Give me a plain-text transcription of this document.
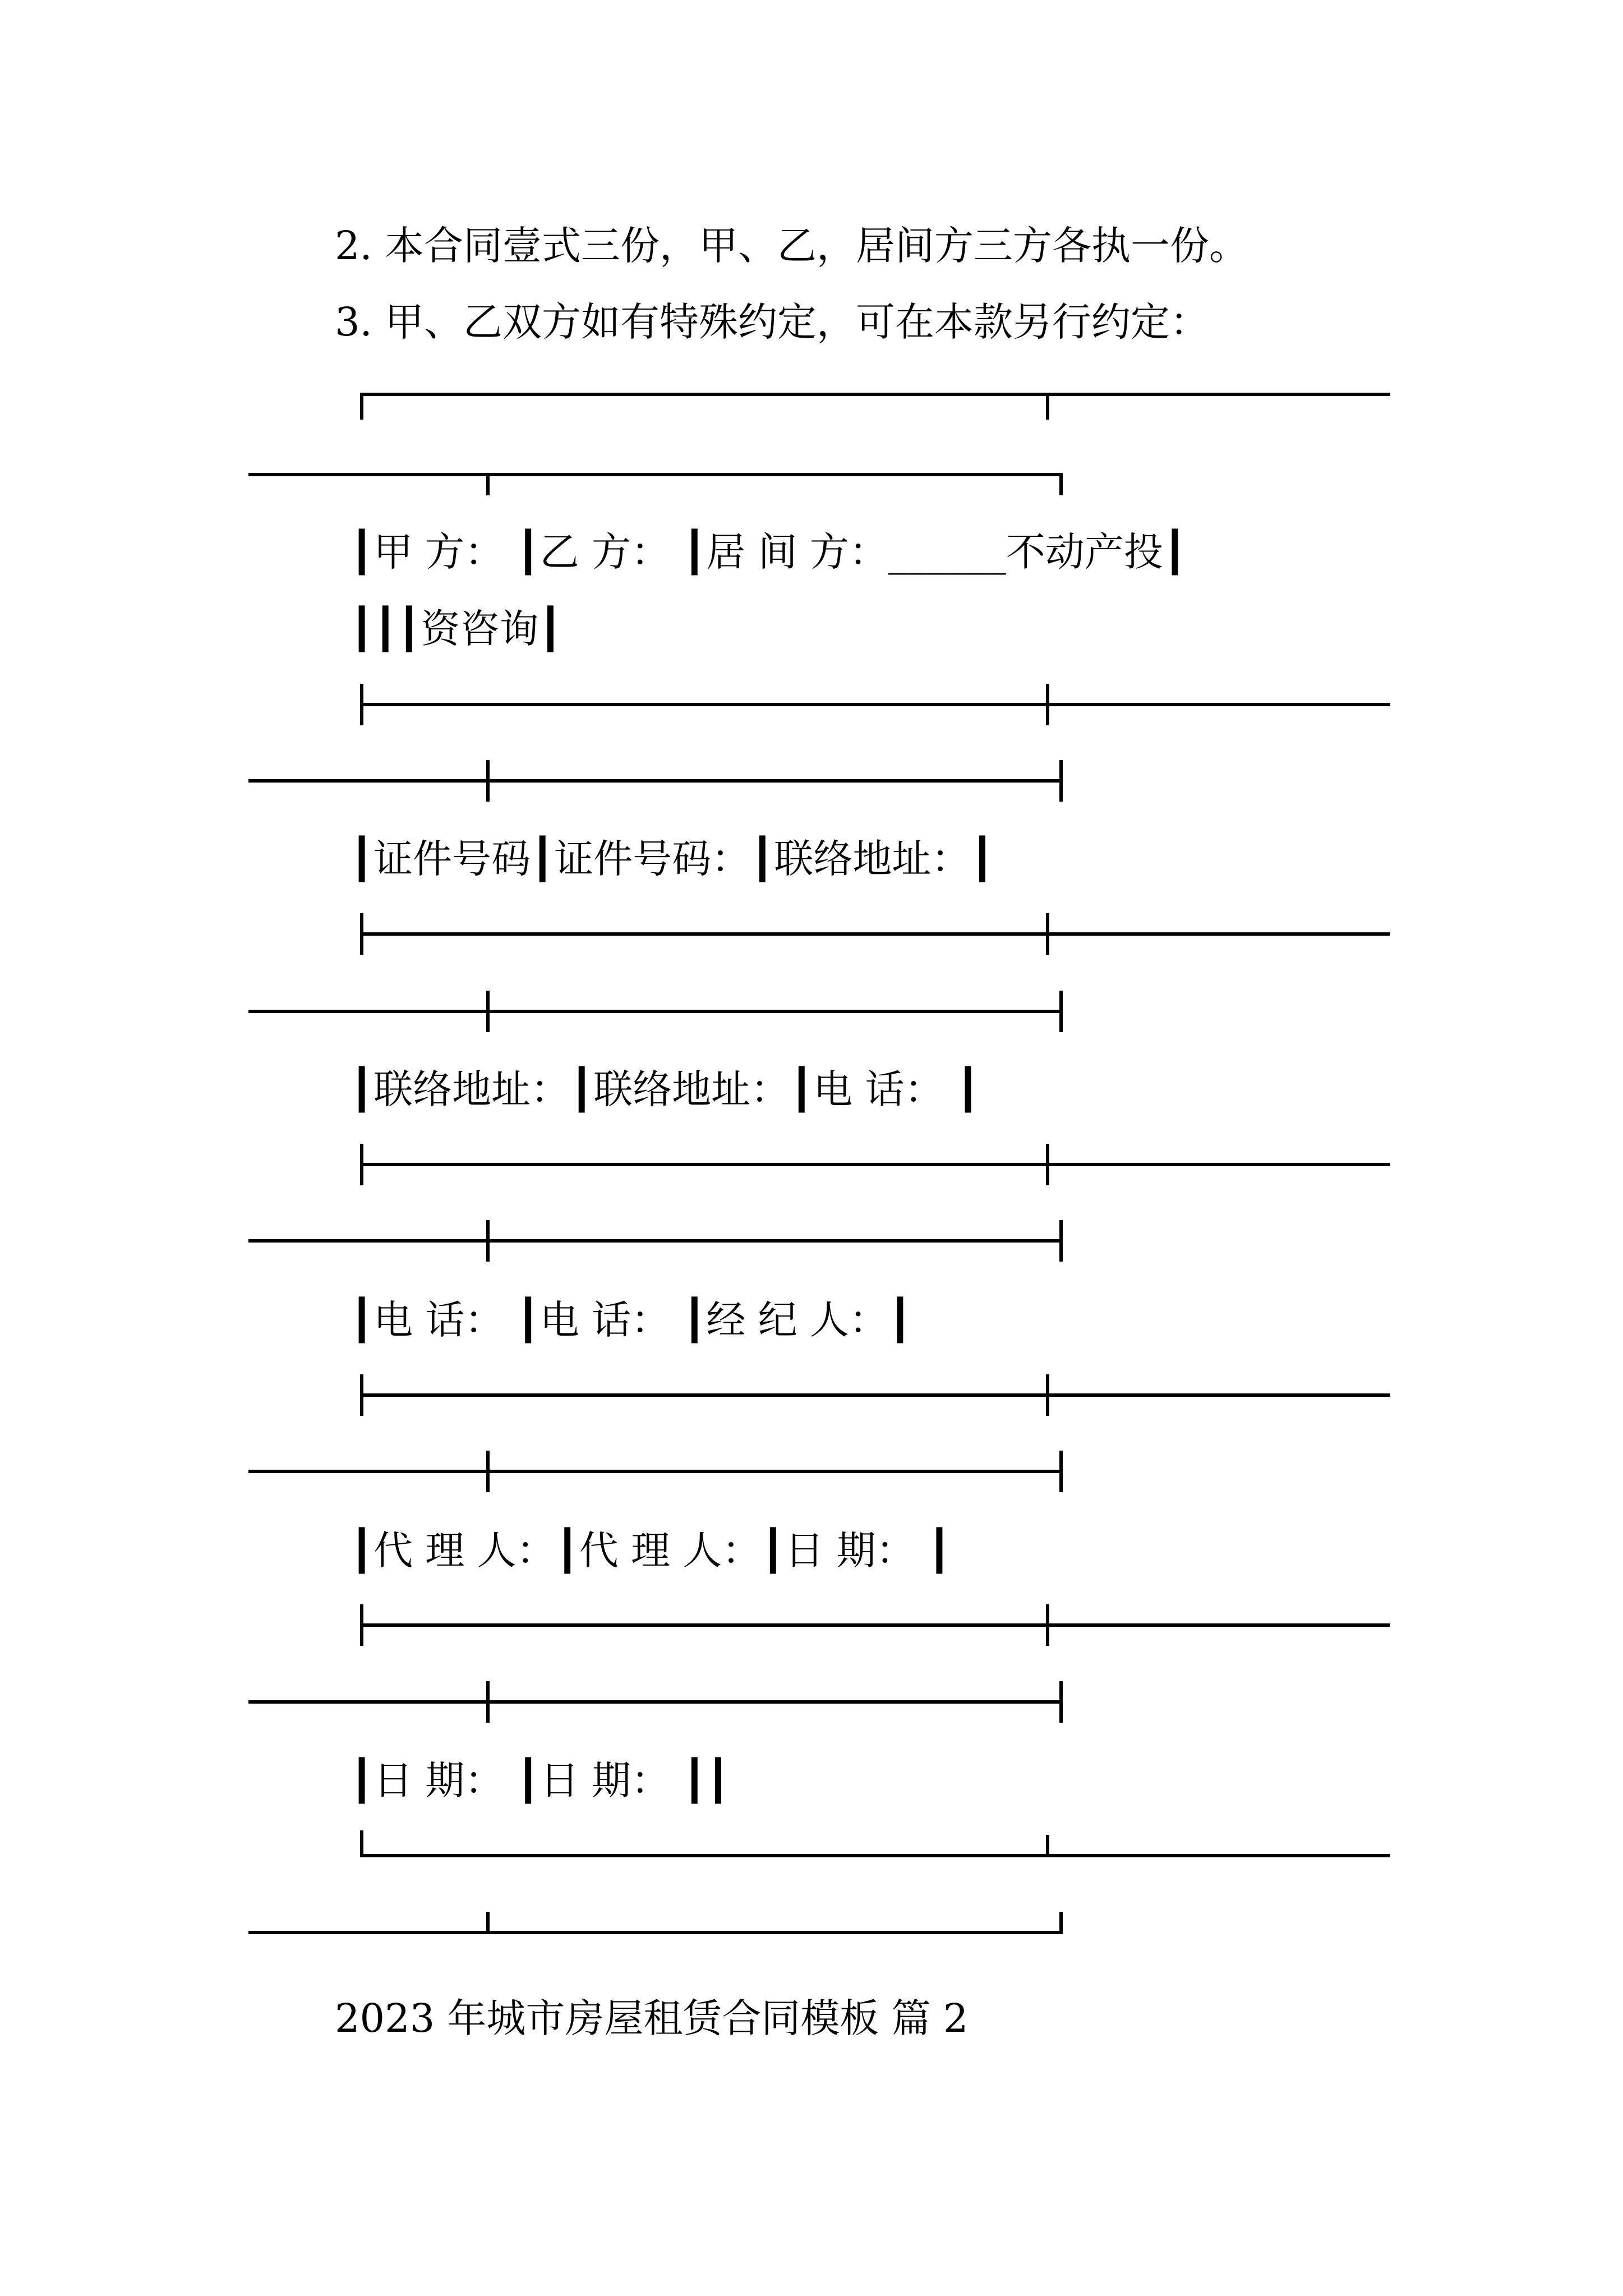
2. 本合同壹式三份，甲、乙，居间方三方各执一份。

3. 甲、乙双方如有特殊约定，可在本款另行约定：

┃甲 方： ┃乙 方： ┃居 间 方：______不动产投┃

┃┃┃资咨询┃

┃证件号码┃证件号码：┃联络地址：┃

┃联络地址：┃联络地址：┃电 话： ┃

┃电 话： ┃电 话： ┃经 纪 人：┃

┃代 理 人：┃代 理 人：┃日 期： ┃

┃日 期： ┃日 期： ┃┃

2023 年城市房屋租赁合同模板 篇 2
